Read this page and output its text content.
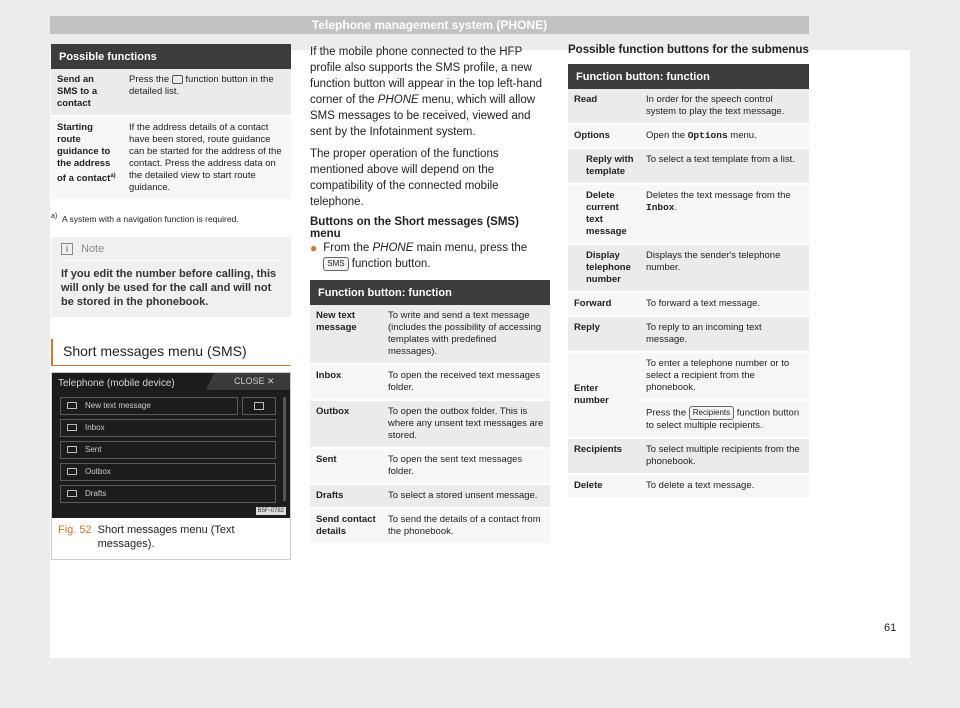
Telephone management system (PHONE)
Possible functions	
Send an SMS to a contact	Press the function button in the detailed list.
Starting route guidance to the address of a contact$^{a)}$	If the address details of a contact have been stored, route guidance can be started for the address of the contact. Press the address data on the detailed view to start route guidance.
$^{a)}$ A system with a navigation function is required.
i	Note
If you edit the number before calling, this will only be used for the call and will not be stored in the phonebook.
Short messages menu (SMS)
Telephone (mobile device)	CLOSE ✕
New text message
Inbox
Sent
Outbox
Drafts
B5F-0782
Fig. 52 Short messages menu (Text messages).

If the mobile phone connected to the HFP profile also supports the SMS profile, a new function button will appear in the top left-hand corner of the PHONE menu, which will allow SMS messages to be received, viewed and sent by the Infotainment system.

The proper operation of the functions mentioned above will depend on the compatibility of the connected mobile telephone.

Buttons on the Short messages (SMS) menu
● From the PHONE main menu, press the SMS function button.
Function button: function	
New text message	To write and send a text message (includes the possibility of accessing templates with predefined messages).
Inbox	To open the received text messages folder.
Outbox	To open the outbox folder. This is where any unsent text messages are stored.
Sent	To open the sent text messages folder.
Drafts	To select a stored unsent message.
Send contact details	To send the details of a contact from the phonebook.
Possible function buttons for the submenus
Function button: function	
Read	In order for the speech control system to play the text message.
Options	Open the Options menu.
Reply with template	To select a text template from a list.
Delete current text message	Deletes the text message from the Inbox.
Display telephone number	Displays the sender's telephone number.
Forward	To forward a text message.
Reply	To reply to an incoming text message.
Enter number	To enter a telephone number or to select a recipient from the phonebook.
	Press the Recipients function button to select multiple recipients.
Recipients	To select multiple recipients from the phonebook.
Delete	To delete a text message.
61
